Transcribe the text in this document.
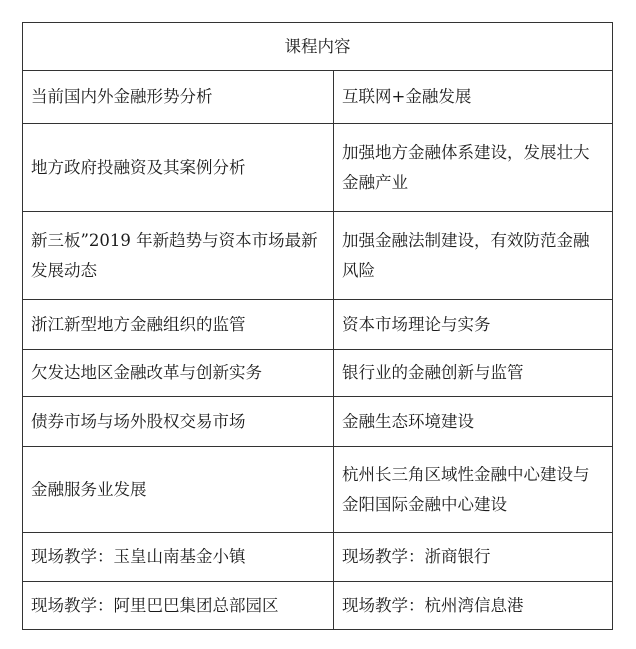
课程内容	
当前国内外金融形势分析	互联网+金融发展
地方政府投融资及其案例分析	加强地方金融体系建设，发展壮大金融产业
新三板”2019 年新趋势与资本市场最新发展动态	加强金融法制建设，有效防范金融风险
浙江新型地方金融组织的监管	资本市场理论与实务
欠发达地区金融改革与创新实务	银行业的金融创新与监管
债券市场与场外股权交易市场	金融生态环境建设
金融服务业发展	杭州长三角区域性金融中心建设与金阳国际金融中心建设
现场教学：玉皇山南基金小镇	现场教学：浙商银行
现场教学：阿里巴巴集团总部园区	现场教学：杭州湾信息港
